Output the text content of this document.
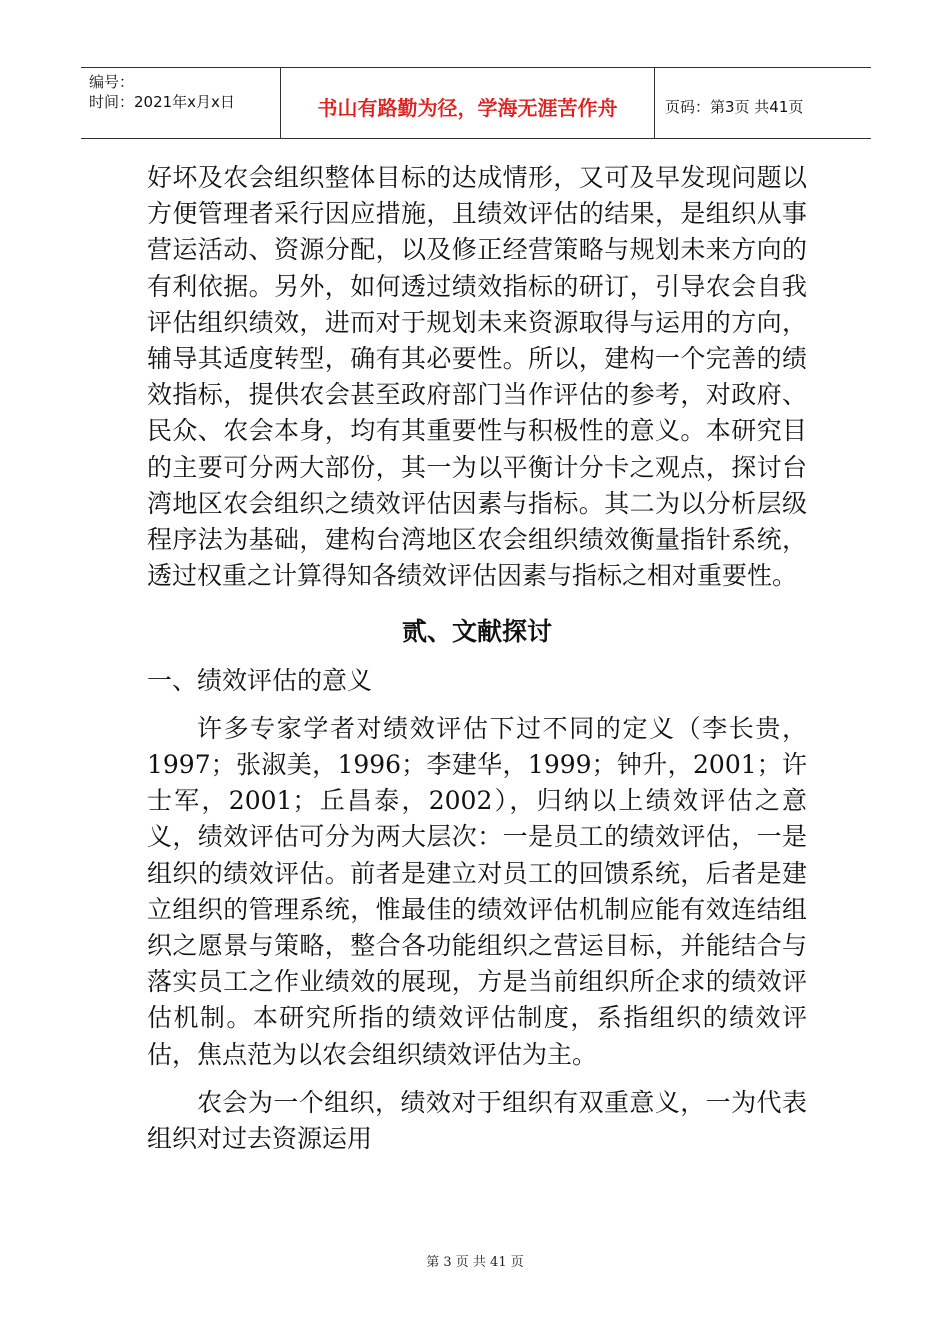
编号：
时间：2021年x月x日	书山有路勤为径，学海无涯苦作舟	页码：第3页 共41页

好坏及农会组织整体目标的达成情形，又可及早发现问题以方便管理者采行因应措施，且绩效评估的结果，是组织从事营运活动、资源分配，以及修正经营策略与规划未来方向的有利依据。另外，如何透过绩效指标的研订，引导农会自我评估组织绩效，进而对于规划未来资源取得与运用的方向，辅导其适度转型，确有其必要性。所以，建构一个完善的绩效指标，提供农会甚至政府部门当作评估的参考，对政府、民众、农会本身，均有其重要性与积极性的意义。本研究目的主要可分两大部份，其一为以平衡计分卡之观点，探讨台湾地区农会组织之绩效评估因素与指标。其二为以分析层级程序法为基础，建构台湾地区农会组织绩效衡量指针系统，透过权重之计算得知各绩效评估因素与指标之相对重要性。

贰、文献探讨

一、绩效评估的意义

许多专家学者对绩效评估下过不同的定义（李长贵，1997；张淑美，1996；李建华，1999；钟升，2001；许士军，2001；丘昌泰，2002），归纳以上绩效评估之意义，绩效评估可分为两大层次：一是员工的绩效评估，一是组织的绩效评估。前者是建立对员工的回馈系统，后者是建立组织的管理系统，惟最佳的绩效评估机制应能有效连结组织之愿景与策略，整合各功能组织之营运目标，并能结合与落实员工之作业绩效的展现，方是当前组织所企求的绩效评估机制。本研究所指的绩效评估制度，系指组织的绩效评估，焦点范为以农会组织绩效评估为主。

农会为一个组织，绩效对于组织有双重意义，一为代表组织对过去资源运用

第 3 页 共 41 页
